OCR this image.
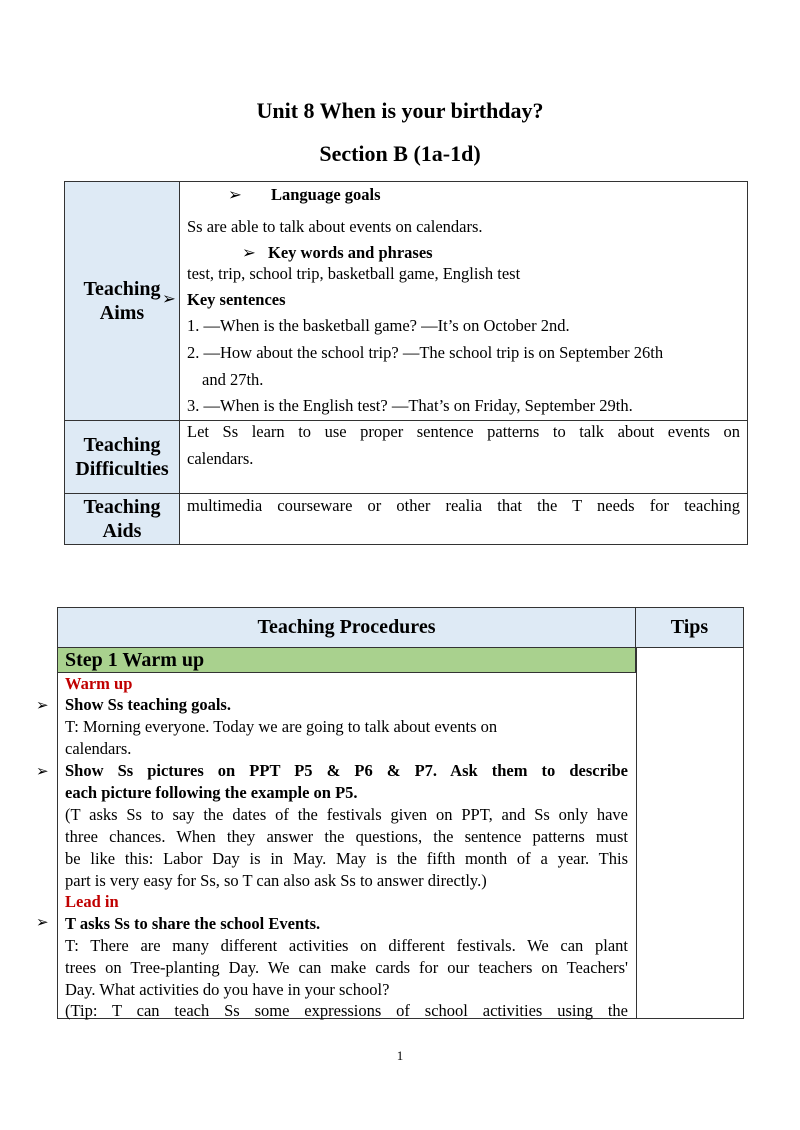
Unit 8 When is your birthday?
Section B (1a-1d)
Teaching Aims
➢ Language goals
Ss are able to talk about events on calendars.
➢ Key words and phrases
test, trip, school trip, basketball game, English test
➢ Key sentences
1. —When is the basketball game? —It’s on October 2nd.
2. —How about the school trip? —The school trip is on September 26th
and 27th.
3. —When is the English test? —That’s on Friday, September 29th.
Teaching Difficulties
Let Ss learn to use proper sentence patterns to talk about events on
calendars.
Teaching Aids
multimedia courseware or other realia that the T needs for teaching
Teaching Procedures	Tips
Step 1 Warm up
Warm up
Show Ss teaching goals.
T: Morning everyone. Today we are going to talk about events on
calendars.
Show Ss pictures on PPT P5 & P6 & P7. Ask them to describe
each picture following the example on P5.
(T asks Ss to say the dates of the festivals given on PPT, and Ss only have
three chances. When they answer the questions, the sentence patterns must
be like this: Labor Day is in May. May is the fifth month of a year. This
part is very easy for Ss, so T can also ask Ss to answer directly.)
Lead in
T asks Ss to share the school Events.
T: There are many different activities on different festivals. We can plant
trees on Tree-planting Day. We can make cards for our teachers on Teachers'
Day. What activities do you have in your school?
(Tip: T can teach Ss some expressions of school activities using the
➢
➢
➢
1
